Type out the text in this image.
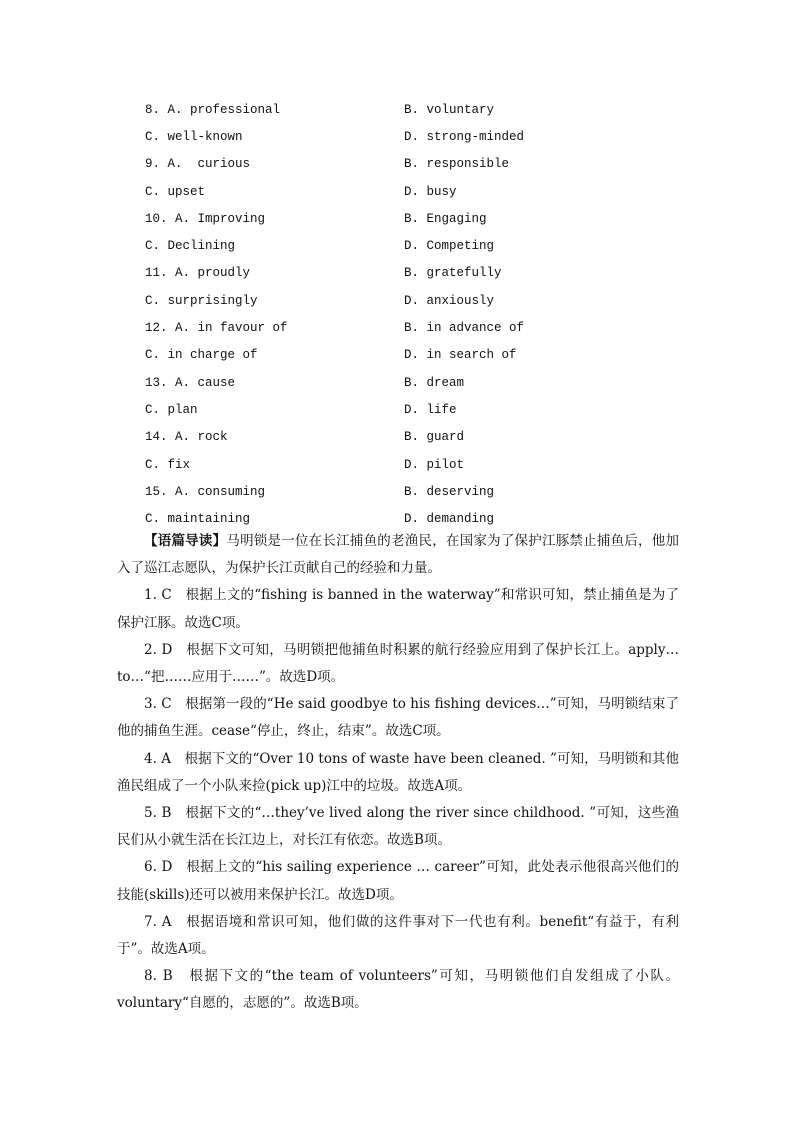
8. A. professional	B. voluntary
C. well-known	D. strong-minded
9. A.  curious	B. responsible
C. upset	D. busy
10. A. Improving	B. Engaging
C. Declining	D. Competing
11. A. proudly	B. gratefully
C. surprisingly	D. anxiously
12. A. in favour of	B. in advance of
C. in charge of	D. in search of
13. A. cause	B. dream
C. plan	D. life
14. A. rock	B. guard
C. fix	D. pilot
15. A. consuming	B. deserving
C. maintaining	D. demanding

【语篇导读】马明锁是一位在长江捕鱼的老渔民，在国家为了保护江豚禁止捕鱼后，他加入了巡江志愿队，为保护长江贡献自己的经验和力量。

1. C　根据上文的“fishing is banned in the waterway”和常识可知，禁止捕鱼是为了保护江豚。故选C项。

2. D　根据下文可知，马明锁把他捕鱼时积累的航行经验应用到了保护长江上。apply…to…“把……应用于……”。故选D项。

3. C　根据第一段的“He said goodbye to his fishing devices…”可知，马明锁结束了他的捕鱼生涯。cease“停止，终止，结束”。故选C项。

4. A　根据下文的“Over 10 tons of waste have been cleaned. ”可知，马明锁和其他渔民组成了一个小队来捡(pick up)江中的垃圾。故选A项。

5. B　根据下文的“…they’ve lived along the river since childhood. ”可知，这些渔民们从小就生活在长江边上，对长江有依恋。故选B项。

6. D　根据上文的“his sailing experience … career”可知，此处表示他很高兴他们的技能(skills)还可以被用来保护长江。故选D项。

7. A　根据语境和常识可知，他们做的这件事对下一代也有利。benefit“有益于，有利于”。故选A项。

8. B　根据下文的“the team of volunteers”可知，马明锁他们自发组成了小队。voluntary“自愿的，志愿的”。故选B项。
